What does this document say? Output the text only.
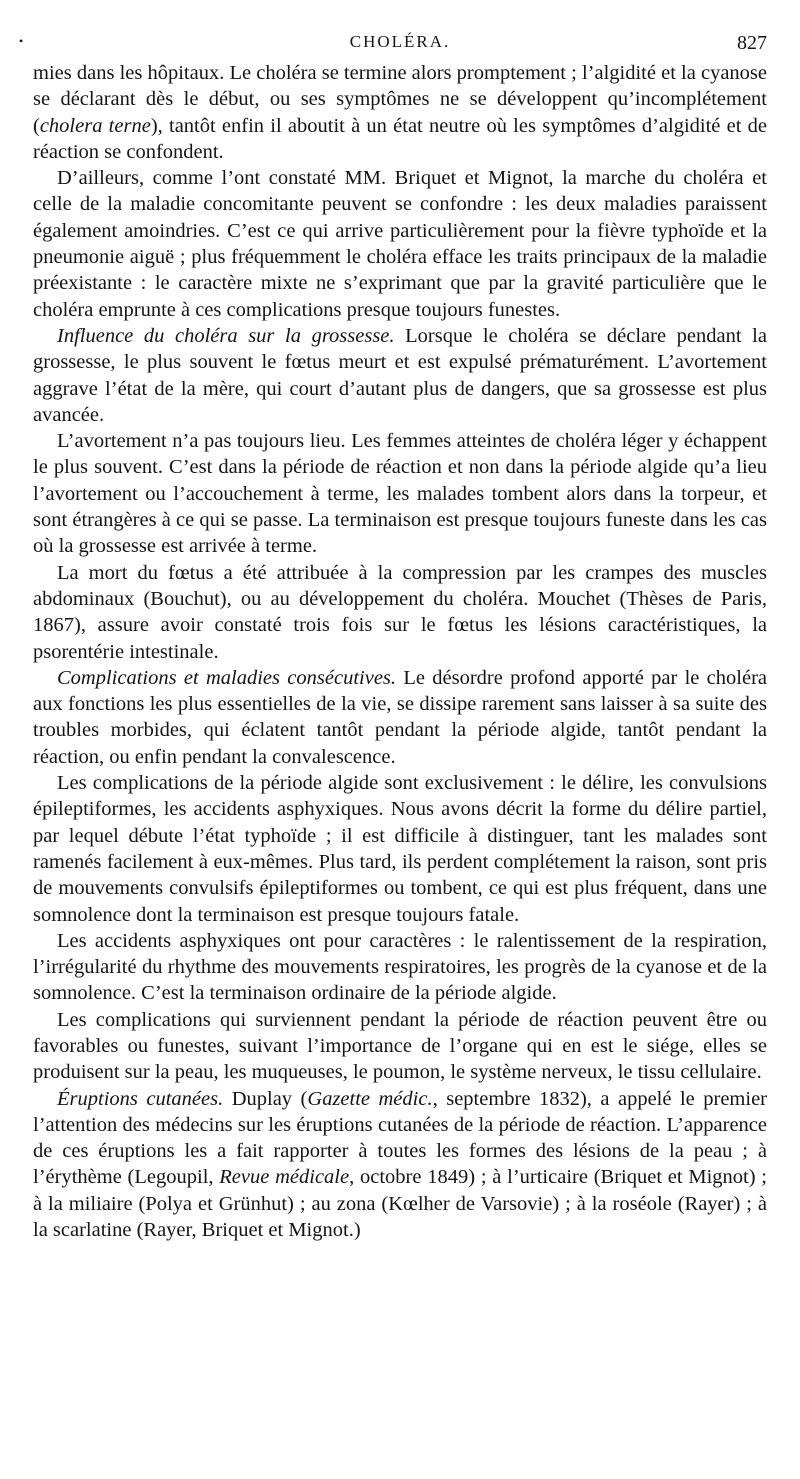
•	CHOLÉRA.	827

mies dans les hôpitaux. Le choléra se termine alors promptement ; l’algidité et la cyanose se déclarant dès le début, ou ses symptômes ne se développent qu’incomplétement (cholera terne), tantôt enfin il aboutit à un état neutre où les symptômes d’algidité et de réaction se confondent.

D’ailleurs, comme l’ont constaté MM. Briquet et Mignot, la marche du choléra et celle de la maladie concomitante peuvent se confondre : les deux maladies paraissent également amoindries. C’est ce qui arrive particulièrement pour la fièvre typhoïde et la pneumonie aiguë ; plus fréquemment le choléra efface les traits principaux de la maladie préexistante : le caractère mixte ne s’exprimant que par la gravité particulière que le choléra emprunte à ces complications presque toujours funestes.

Influence du choléra sur la grossesse. Lorsque le choléra se déclare pendant la grossesse, le plus souvent le fœtus meurt et est expulsé prématurément. L’avortement aggrave l’état de la mère, qui court d’autant plus de dangers, que sa grossesse est plus avancée.

L’avortement n’a pas toujours lieu. Les femmes atteintes de choléra léger y échappent le plus souvent. C’est dans la période de réaction et non dans la période algide qu’a lieu l’avortement ou l’accouchement à terme, les malades tombent alors dans la torpeur, et sont étrangères à ce qui se passe. La terminaison est presque toujours funeste dans les cas où la grossesse est arrivée à terme.

La mort du fœtus a été attribuée à la compression par les crampes des muscles abdominaux (Bouchut), ou au développement du choléra. Mouchet (Thèses de Paris, 1867), assure avoir constaté trois fois sur le fœtus les lésions caractéristiques, la psorentérie intestinale.

Complications et maladies consécutives. Le désordre profond apporté par le choléra aux fonctions les plus essentielles de la vie, se dissipe rarement sans laisser à sa suite des troubles morbides, qui éclatent tantôt pendant la période algide, tantôt pendant la réaction, ou enfin pendant la convalescence.

Les complications de la période algide sont exclusivement : le délire, les convulsions épileptiformes, les accidents asphyxiques. Nous avons décrit la forme du délire partiel, par lequel débute l’état typhoïde ; il est difficile à distinguer, tant les malades sont ramenés facilement à eux-mêmes. Plus tard, ils perdent complétement la raison, sont pris de mouvements convulsifs épileptiformes ou tombent, ce qui est plus fréquent, dans une somnolence dont la terminaison est presque toujours fatale.

Les accidents asphyxiques ont pour caractères : le ralentissement de la respiration, l’irrégularité du rhythme des mouvements respiratoires, les progrès de la cyanose et de la somnolence. C’est la terminaison ordinaire de la période algide.

Les complications qui surviennent pendant la période de réaction peuvent être ou favorables ou funestes, suivant l’importance de l’organe qui en est le siége, elles se produisent sur la peau, les muqueuses, le poumon, le système nerveux, le tissu cellulaire.

Éruptions cutanées. Duplay (Gazette médic., septembre 1832), a appelé le premier l’attention des médecins sur les éruptions cutanées de la période de réaction. L’apparence de ces éruptions les a fait rapporter à toutes les formes des lésions de la peau ; à l’érythème (Legoupil, Revue médicale, octobre 1849) ; à l’urticaire (Briquet et Mignot) ; à la miliaire (Polya et Grünhut) ; au zona (Kœlher de Varsovie) ; à la roséole (Rayer) ; à la scarlatine (Rayer, Briquet et Mignot.)
